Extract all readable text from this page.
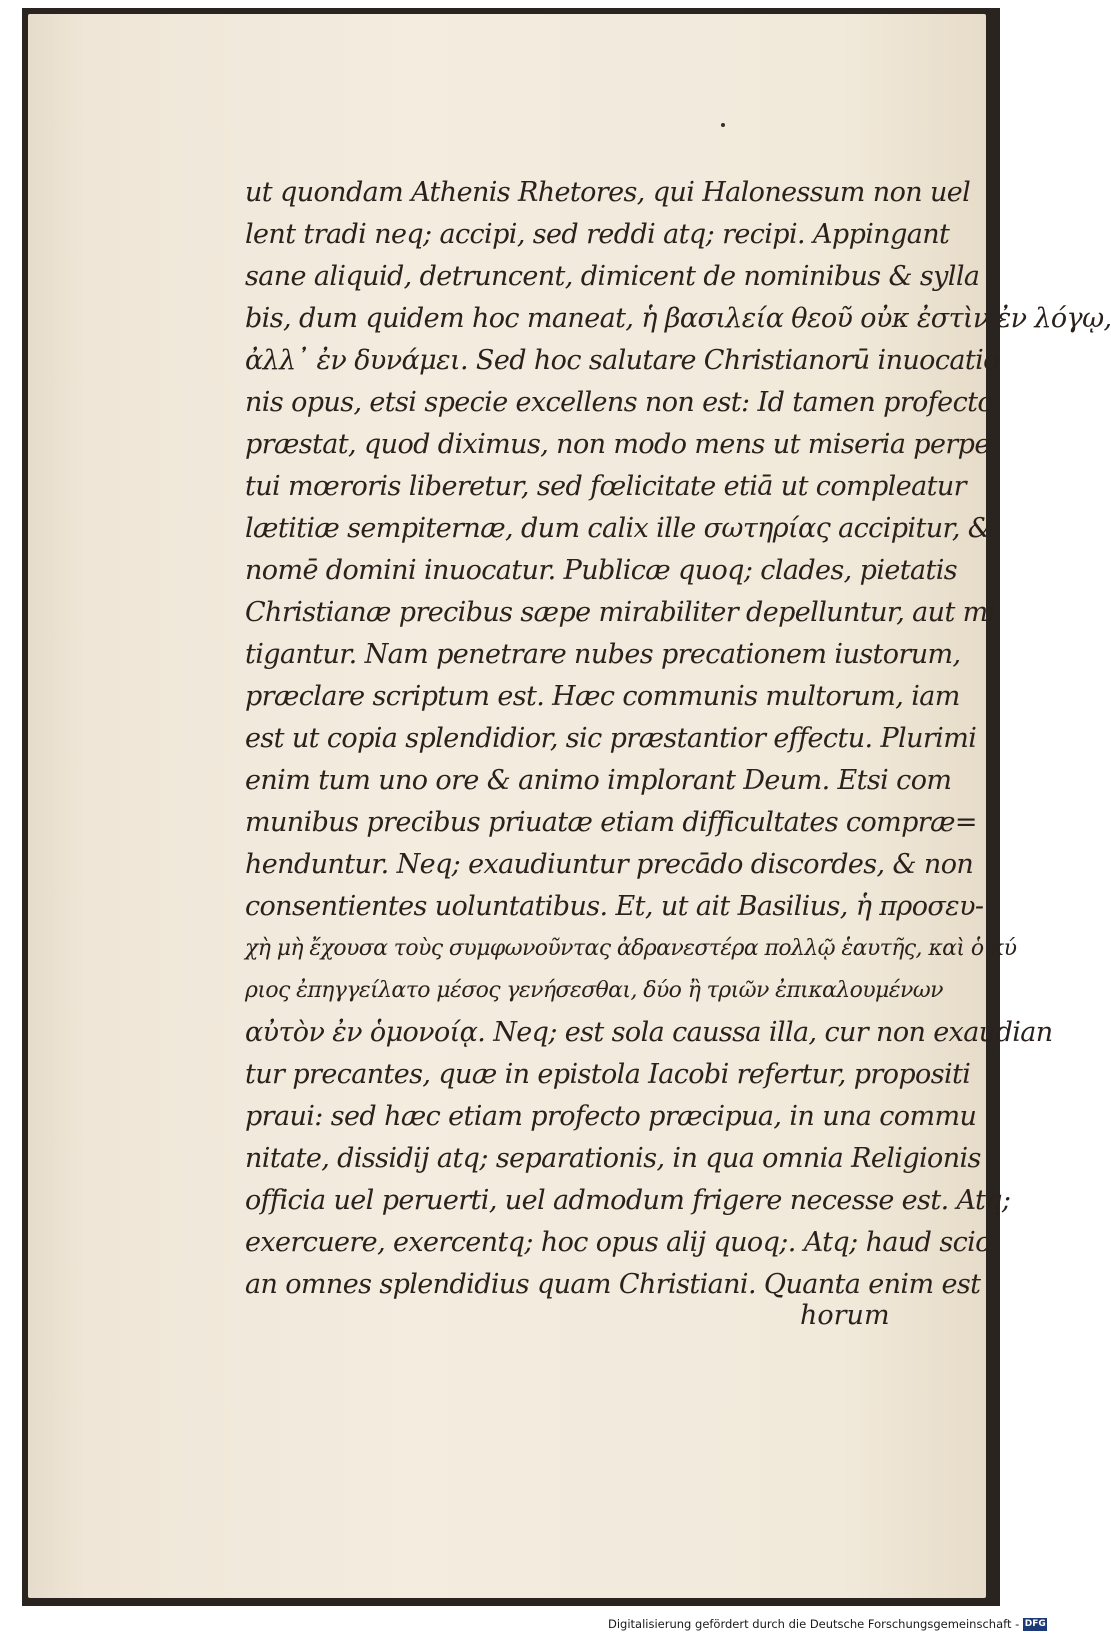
ut quondam Athenis Rhetores, qui Halonessum non uel
lent tradi neq; accipi, sed reddi atq; recipi. Appingant
sane aliquid, detruncent, dimicent de nominibus & sylla
bis, dum quidem hoc maneat, ἡ βασιλεία θεοῦ οὐκ ἐστὶν ἐν λόγῳ,
ἀλλ᾽ ἐν δυνάμει. Sed hoc salutare Christianorū inuocatio
nis opus, etsi specie excellens non est: Id tamen profecto
præstat, quod diximus, non modo mens ut miseria perpe
tui mœroris liberetur, sed fœlicitate etiā ut compleatur
lætitiæ sempiternæ, dum calix ille σωτηρίας accipitur, &
nomē domini inuocatur. Publicæ quoq; clades, pietatis
Christianæ precibus sæpe mirabiliter depelluntur, aut mi
tigantur. Nam penetrare nubes precationem iustorum,
præclare scriptum est. Hæc communis multorum, iam
est ut copia splendidior, sic præstantior effectu. Plurimi
enim tum uno ore & animo implorant Deum. Etsi com
munibus precibus priuatæ etiam difficultates compræ=
henduntur. Neq; exaudiuntur precādo discordes, & non
consentientes uoluntatibus. Et, ut ait Basilius, ἡ προσευ-
χὴ μὴ ἔχουσα τοὺς συμφωνοῦντας ἀδρανεστέρα πολλῷ ἑαυτῆς, καὶ ὁ κύ
ριος ἐπηγγείλατο μέσος γενήσεσθαι, δύο ἢ τριῶν ἐπικαλουμένων
αὐτὸν ἐν ὁμονοίᾳ. Neq; est sola caussa illa, cur non exaudian
tur precantes, quæ in epistola Iacobi refertur, propositi
praui: sed hæc etiam profecto præcipua, in una commu
nitate, dissidij atq; separationis, in qua omnia Religionis
officia uel peruerti, uel admodum frigere necesse est. Atq;
exercuere, exercentq; hoc opus alij quoq;. Atq; haud scio
an omnes splendidius quam Christiani. Quanta enim est
horum
Digitalisierung gefördert durch die Deutsche Forschungsgemeinschaft - DFG
